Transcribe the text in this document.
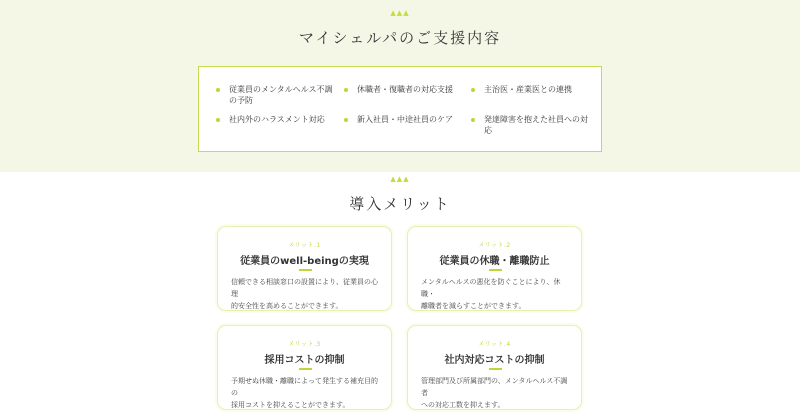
▲▲▲
マイシェルパのご支援内容
従業員のメンタルヘルス不調
の予防
休職者・復職者の対応支援	主治医・産業医との連携
社内外のハラスメント対応	新入社員・中途社員のケア	発達障害を抱えた社員への対
応
▲▲▲
導入メリット
メリット.1
従業員のwell-beingの実現
信頼できる相談窓口の設置により、従業員の心理
的安全性を高めることができます。
メリット.2
従業員の休職・離職防止
メンタルヘルスの悪化を防ぐことにより、休職・
離職者を減らすことができます。
メリット.3
採用コストの抑制
予期せぬ休職・離職によって発生する補充目的の
採用コストを抑えることができます。
メリット.4
社内対応コストの抑制
管理部門及び所属部門の、メンタルヘルス不調者
への対応工数を抑えます。
